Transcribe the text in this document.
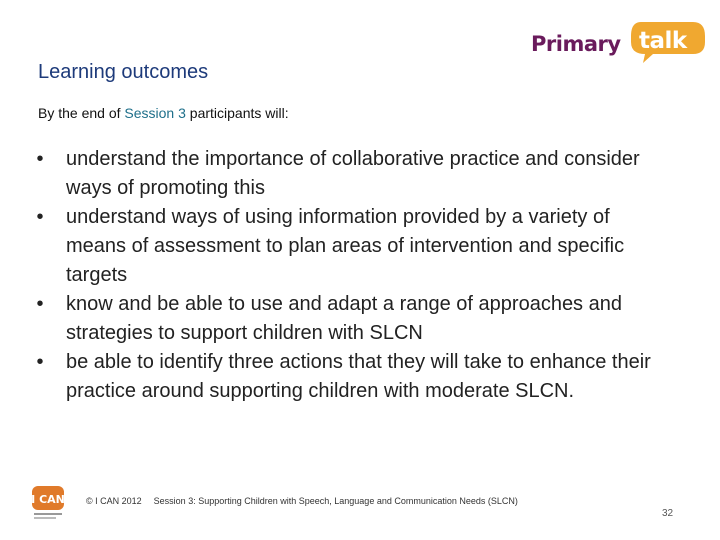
Primary talk
Learning outcomes
By the end of Session 3 participants will:
•	understand the importance of collaborative practice and consider ways of promoting this
•	understand ways of using information provided by a variety of means of assessment to plan areas of intervention and specific targets
•	know and be able to use and adapt a range of approaches and strategies to support children with SLCN
•	be able to identify three actions that they will take to enhance their practice around supporting children with moderate SLCN.
I CAN © I CAN 2012 Session 3: Supporting Children with Speech, Language and Communication Needs (SLCN)
32
